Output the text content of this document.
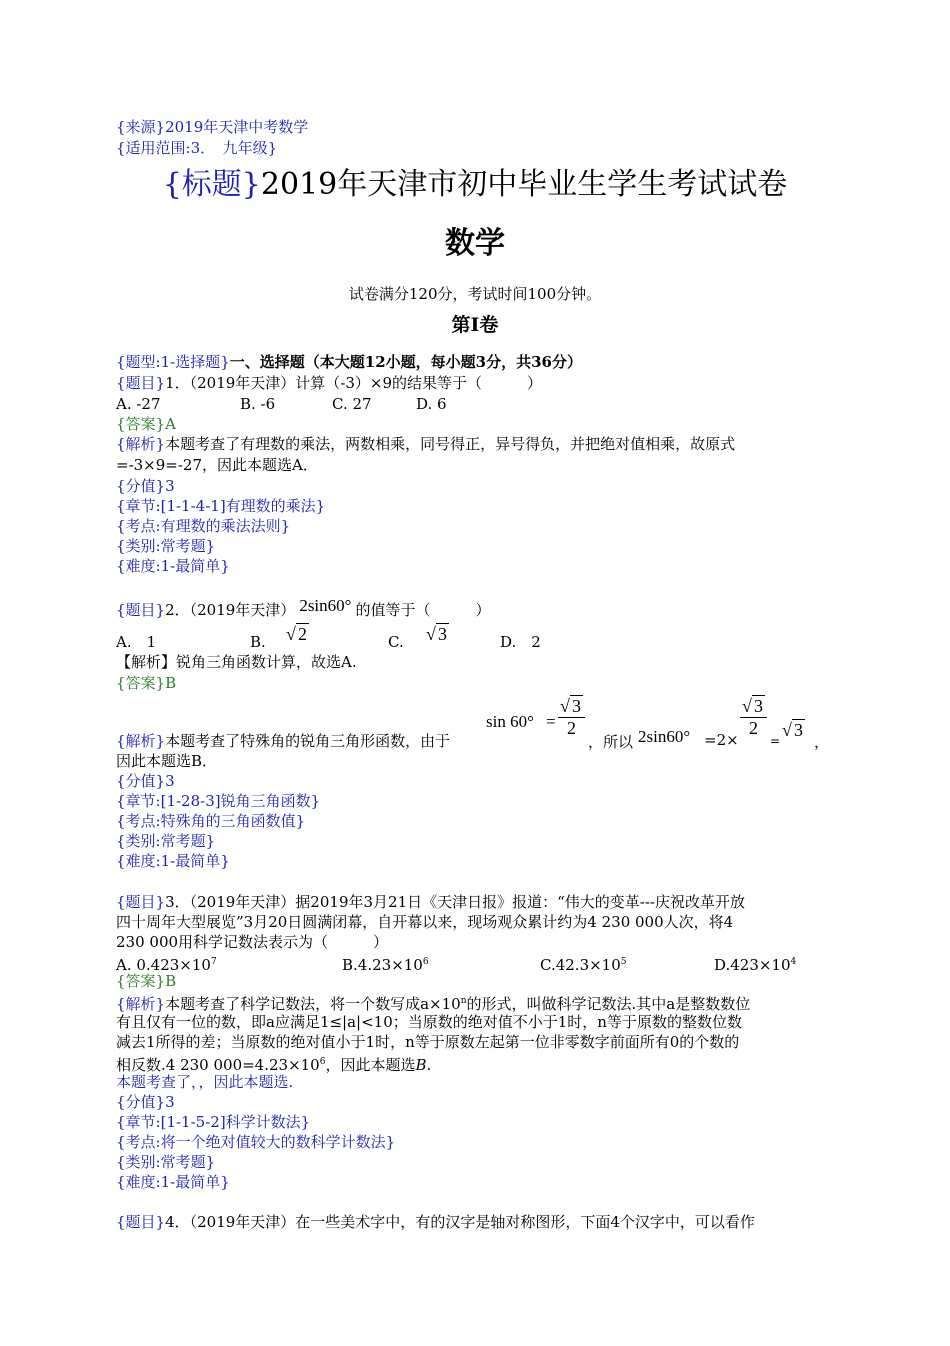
{来源}2019年天津中考数学
{适用范围:3．　九年级}
{标题}2019年天津市初中毕业生学生考试试卷
数学
试卷满分120分，考试时间100分钟。
第Ⅰ卷
{题型:1-选择题}一、选择题（本大题12小题，每小题3分，共36分）
{题目}1．（2019年天津）计算（-3）×9的结果等于（　　　）
A. -27	B. -6	C. 27	D. 6
{答案}A
{解析}本题考查了有理数的乘法，两数相乘，同号得正，异号得负，并把绝对值相乘，故原式
=-3×9=-27，因此本题选A．
{分值}3
{章节:[1-1-4-1]有理数的乘法}
{考点:有理数的乘法法则}
{类别:常考题}
{难度:1-最简单}
{题目}2．（2019年天津） 2sin60° 的值等于（　　　）
A.　1	B. √ 2	C. √ 3	D.　2
【解析】锐角三角函数计算，故选A.
{答案}B
{解析}本题考查了特殊角的锐角三角形函数，由于
$\sin 60^\circ = \frac{√ 3}{2}$
，所以 2sin60° =2×
$\frac{√ 3}{2}$
=
√ 3
，
因此本题选B．
{分值}3
{章节:[1-28-3]锐角三角函数}
{考点:特殊角的三角函数值}
{类别:常考题}
{难度:1-最简单}
{题目}3．（2019年天津）据2019年3月21日《天津日报》报道：“伟大的变革---庆祝改革开放
四十周年大型展览”3月20日圆满闭幕，自开幕以来，现场观众累计约为4 230 000人次，将4
230 000用科学记数法表示为（　　　）
A. $0.423\times 10^7$	$B.4.23\times 10^6$	$C.42.3\times 10^5$	$D.423\times 10^4$
{答案}B
{解析}本题考查了科学记数法，将一个数写成$a\times 10^n$的形式，叫做科学记数法.其中a是整数数位
有且仅有一位的数，即a应满足1≤|a|<10；当原数的绝对值不小于1时，n等于原数的整数位数
减去1所得的差；当原数的绝对值小于1时，n等于原数左起第一位非零数字前面所有0的个数的
相反数.4 230 $000=4.23\times 10^6$，因此本题选B.
本题考查了，，因此本题选.
{分值}3
{章节:[1-1-5-2]科学计数法}
{考点:将一个绝对值较大的数科学计数法}
{类别:常考题}
{难度:1-最简单}
{题目}4．（2019年天津）在一些美术字中，有的汉字是轴对称图形，下面4个汉字中，可以看作
